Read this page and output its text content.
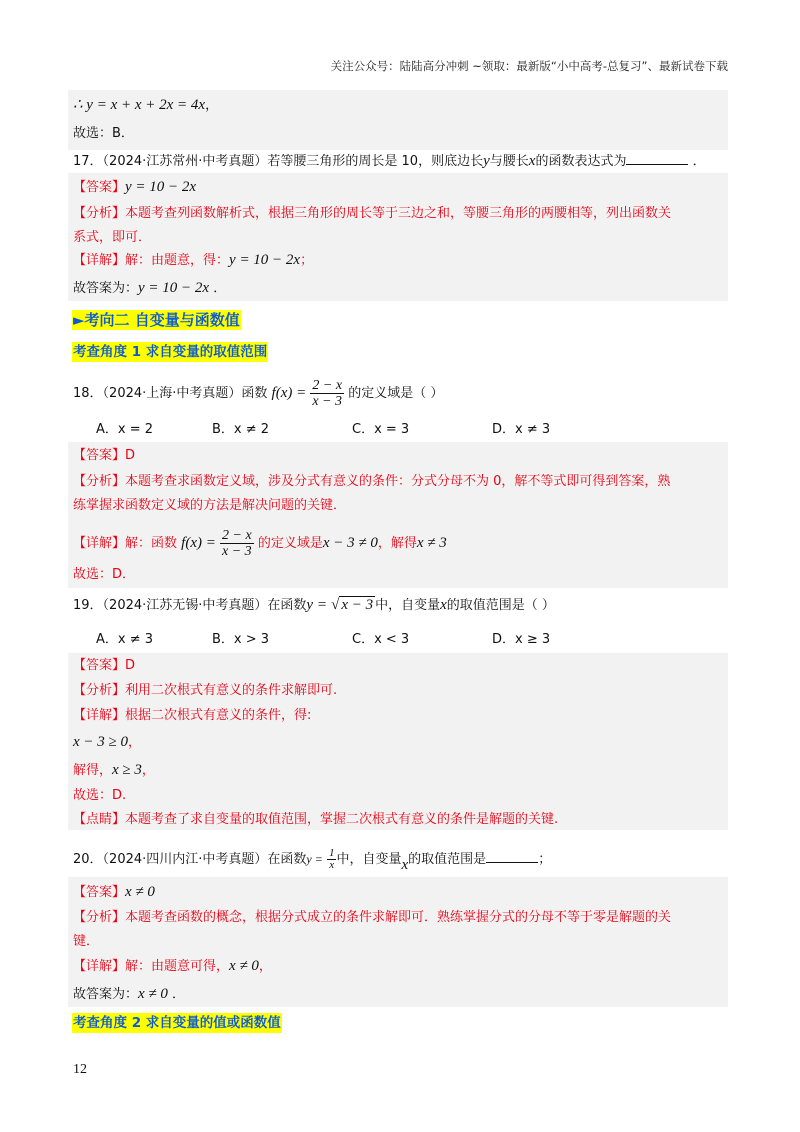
关注公众号：陆陆高分冲刺 ~领取：最新版“小中高考-总复习”、最新试卷下载
∴ y = x + x + 2x = 4x，
故选：B．
17．（2024·江苏常州·中考真题）若等腰三角形的周长是 10，则底边长y与腰长x的函数表达式为	．
【答案】y = 10 − 2x
【分析】本题考查列函数解析式，根据三角形的周长等于三边之和，等腰三角形的两腰相等，列出函数关
系式，即可．
【详解】解：由题意，得：y = 10 − 2x；
故答案为：y = 10 − 2x ．
►考向二 自变量与函数值
考查角度 1 求自变量的取值范围
18．（2024·上海·中考真题）函数 $f(x) = \frac{2 - x}{x - 3}$ 的定义域是（ ）
A．x = 2	B．x ≠ 2	C．x = 3	D．x ≠ 3
【答案】D
【分析】本题考查求函数定义域，涉及分式有意义的条件：分式分母不为 0，解不等式即可得到答案，熟
练掌握求函数定义域的方法是解决问题的关键．
【详解】解：函数 $f(x) = \frac{2 - x}{x - 3}$ 的定义域是x − 3 ≠ 0，解得x ≠ 3
故选：D．
19．（2024·江苏无锡·中考真题）在函数y = √ x − 3 中，自变量x的取值范围是（ ）
A．x ≠ 3	B．x > 3	C．x < 3	D．x ≥ 3
【答案】D
【分析】利用二次根式有意义的条件求解即可.
【详解】根据二次根式有意义的条件，得:
x − 3 ≥ 0，
解得，x ≥ 3，
故选：D.
【点睛】本题考查了求自变量的取值范围，掌握二次根式有意义的条件是解题的关键.
20．（2024·四川内江·中考真题）在函数$y = \frac{1}{x}$ 中，自变量x的取值范围是	；
【答案】x ≠ 0
【分析】本题考查函数的概念，根据分式成立的条件求解即可．熟练掌握分式的分母不等于零是解题的关
键．
【详解】解：由题意可得，x ≠ 0，
故答案为：x ≠ 0 ．
考查角度 2 求自变量的值或函数值
12
